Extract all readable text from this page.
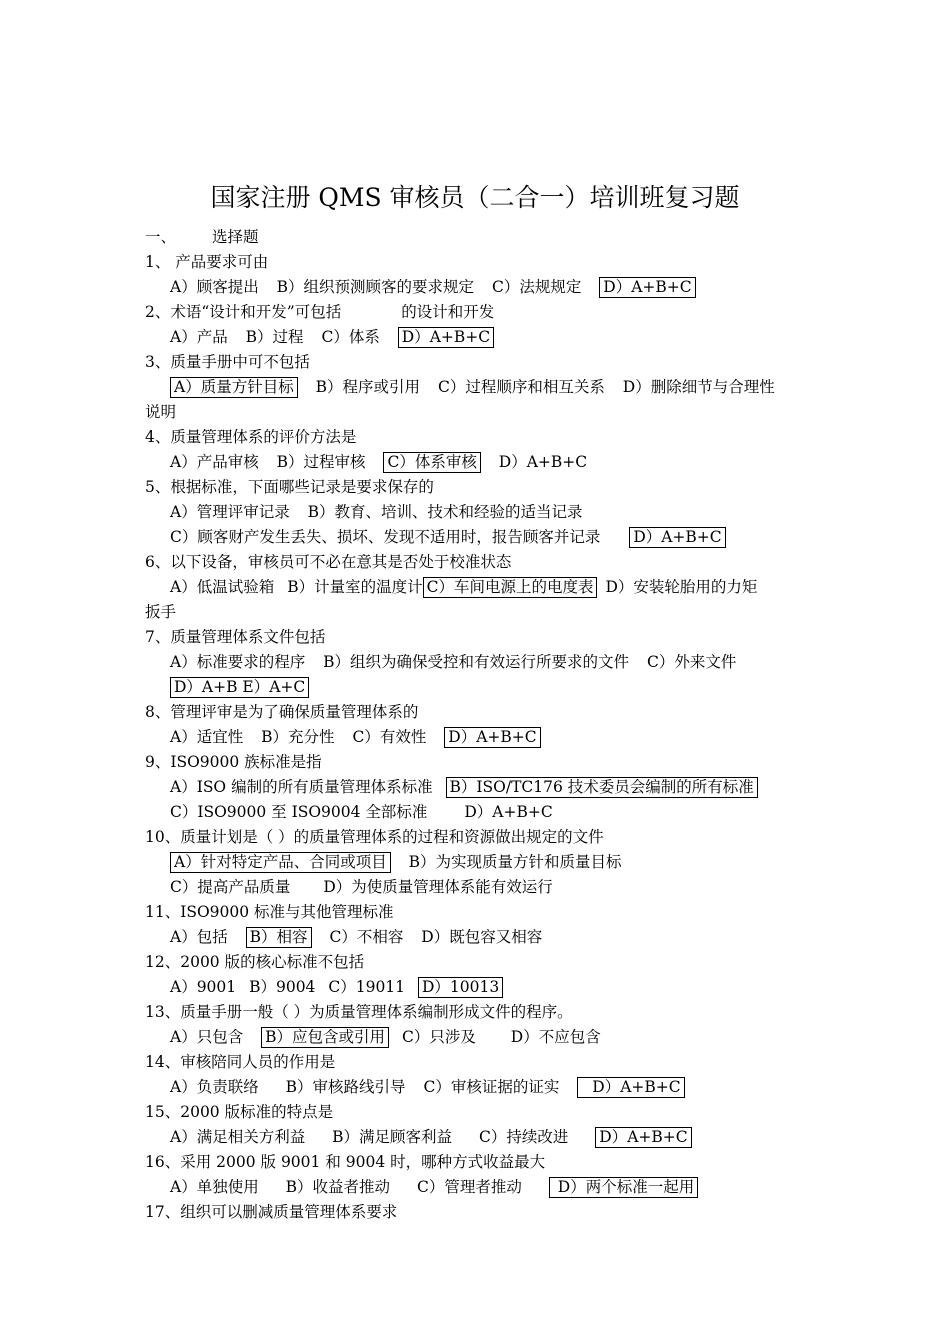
国家注册 QMS 审核员（二合一）培训班复习题
一、 选择题
1、 产品要求可由
A）顾客提出 B）组织预测顾客的要求规定 C）法规规定 D）A+B+C
2、术语“设计和开发”可包括	的设计和开发
A）产品 B）过程 C）体系 D）A+B+C
3、质量手册中可不包括
A）质量方针目标 B）程序或引用 C）过程顺序和相互关系 D）删除细节与合理性
说明
4、质量管理体系的评价方法是
A）产品审核 B）过程审核 C）体系审核 D）A+B+C
5、根据标准，下面哪些记录是要求保存的
A）管理评审记录 B）教育、培训、技术和经验的适当记录
C）顾客财产发生丢失、损坏、发现不适用时，报告顾客并记录 D）A+B+C
6、以下设备，审核员可不必在意其是否处于校准状态
A）低温试验箱 B）计量室的温度计 C）车间电源上的电度表 D）安装轮胎用的力矩
扳手
7、质量管理体系文件包括
A）标准要求的程序 B）组织为确保受控和有效运行所要求的文件 C）外来文件
D）A+B E）A+C
8、管理评审是为了确保质量管理体系的
A）适宜性 B）充分性 C）有效性 D）A+B+C
9、ISO9000 族标准是指
A）ISO 编制的所有质量管理体系标准 B）ISO/TC176 技术委员会编制的所有标准
C）ISO9000 至 ISO9004 全部标准 D）A+B+C
10、质量计划是（ ）的质量管理体系的过程和资源做出规定的文件
A）针对特定产品、合同或项目 B）为实现质量方针和质量目标
C）提高产品质量 D）为使质量管理体系能有效运行
11、ISO9000 标准与其他管理标准
A）包括 B）相容 C）不相容 D）既包容又相容
12、2000 版的核心标准不包括
A）9001 B）9004 C）19011 D）10013
13、质量手册一般（ ）为质量管理体系编制形成文件的程序。
A）只包含 B）应包含或引用 C）只涉及 D）不应包含
14、审核陪同人员的作用是
A）负责联络 B）审核路线引导 C）审核证据的证实 D）A+B+C
15、2000 版标准的特点是
A）满足相关方利益 B）满足顾客利益 C）持续改进 D）A+B+C
16、采用 2000 版 9001 和 9004 时，哪种方式收益最大
A）单独使用 B）收益者推动 C）管理者推动 D）两个标准一起用
17、组织可以删减质量管理体系要求
